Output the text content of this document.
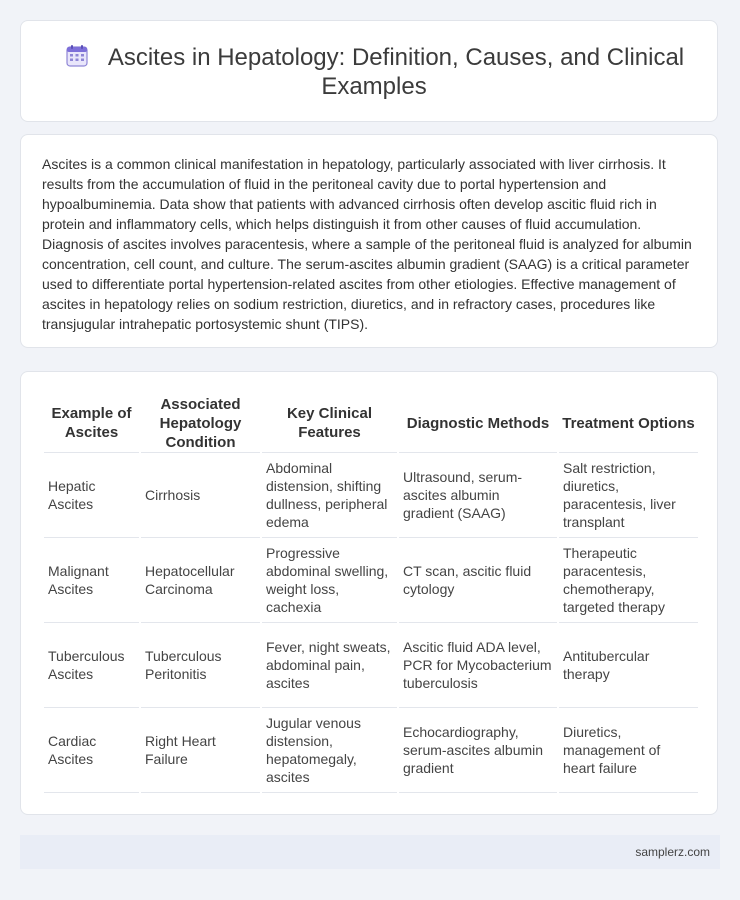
Ascites in Hepatology: Definition, Causes, and Clinical Examples

Ascites is a common clinical manifestation in hepatology, particularly associated with liver cirrhosis. It results from the accumulation of fluid in the peritoneal cavity due to portal hypertension and hypoalbuminemia. Data show that patients with advanced cirrhosis often develop ascitic fluid rich in protein and inflammatory cells, which helps distinguish it from other causes of fluid accumulation. Diagnosis of ascites involves paracentesis, where a sample of the peritoneal fluid is analyzed for albumin concentration, cell count, and culture. The serum-ascites albumin gradient (SAAG) is a critical parameter used to differentiate portal hypertension-related ascites from other etiologies. Effective management of ascites in hepatology relies on sodium restriction, diuretics, and in refractory cases, procedures like transjugular intrahepatic portosystemic shunt (TIPS).

Example of Ascites	Associated Hepatology Condition	Key Clinical Features	Diagnostic Methods	Treatment Options
Hepatic Ascites	Cirrhosis	Abdominal distension, shifting dullness, peripheral edema	Ultrasound, serum-ascites albumin gradient (SAAG)	Salt restriction, diuretics, paracentesis, liver transplant
Malignant Ascites	Hepatocellular Carcinoma	Progressive abdominal swelling, weight loss, cachexia	CT scan, ascitic fluid cytology	Therapeutic paracentesis, chemotherapy, targeted therapy
Tuberculous Ascites	Tuberculous Peritonitis	Fever, night sweats, abdominal pain, ascites	Ascitic fluid ADA level, PCR for Mycobacterium tuberculosis	Antitubercular therapy
Cardiac Ascites	Right Heart Failure	Jugular venous distension, hepatomegaly, ascites	Echocardiography, serum-ascites albumin gradient	Diuretics, management of heart failure
samplerz.com
